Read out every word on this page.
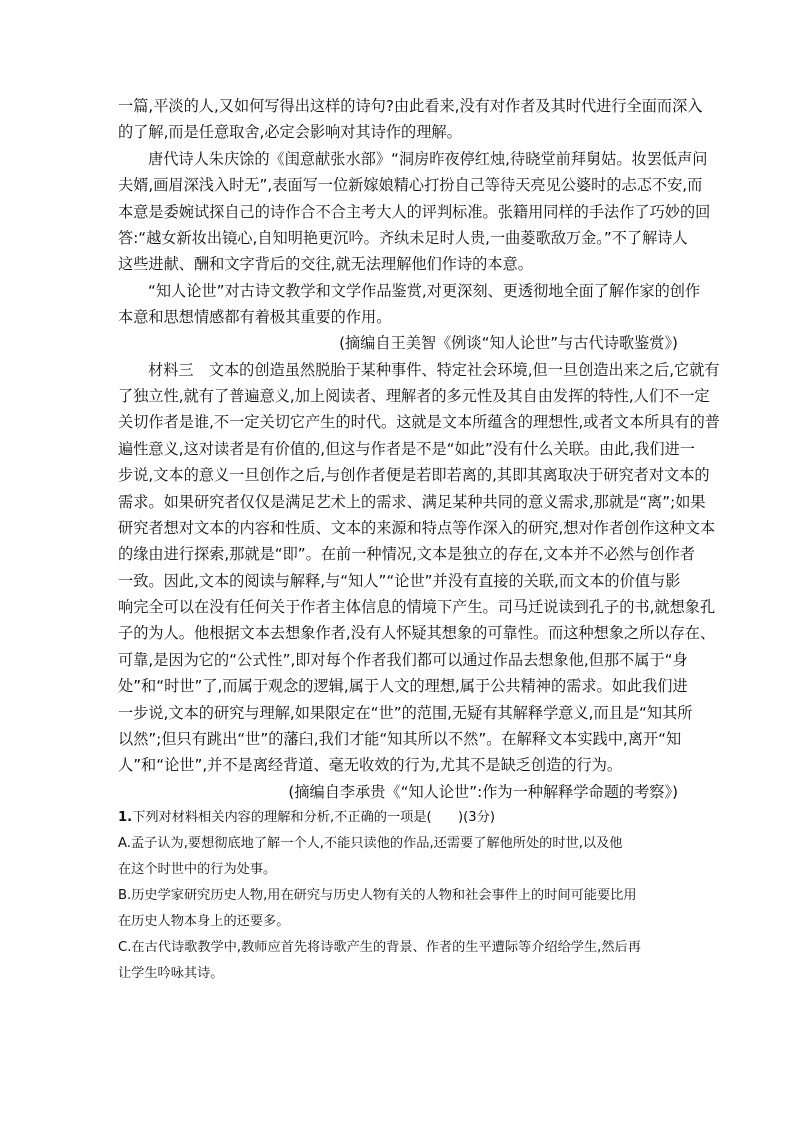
一篇,平淡的人,又如何写得出这样的诗句?由此看来,没有对作者及其时代进行全面而深入
的了解,而是任意取舍,必定会影响对其诗作的理解。
唐代诗人朱庆馀的《闺意献张水部》“洞房昨夜停红烛,待晓堂前拜舅姑。妆罢低声问
夫婿,画眉深浅入时无”,表面写一位新嫁娘精心打扮自己等待天亮见公婆时的忐忑不安,而
本意是委婉试探自己的诗作合不合主考大人的评判标准。张籍用同样的手法作了巧妙的回
答:“越女新妆出镜心,自知明艳更沉吟。齐纨未足时人贵,一曲菱歌敌万金。”不了解诗人
这些进献、酬和文字背后的交往,就无法理解他们作诗的本意。
“知人论世”对古诗文教学和文学作品鉴赏,对更深刻、更透彻地全面了解作家的创作
本意和思想情感都有着极其重要的作用。
(摘编自王美智《例谈“知人论世”与古代诗歌鉴赏》)
材料三　文本的创造虽然脱胎于某种事件、特定社会环境,但一旦创造出来之后,它就有
了独立性,就有了普遍意义,加上阅读者、理解者的多元性及其自由发挥的特性,人们不一定
关切作者是谁,不一定关切它产生的时代。这就是文本所蕴含的理想性,或者文本所具有的普
遍性意义,这对读者是有价值的,但这与作者是不是“如此”没有什么关联。由此,我们进一
步说,文本的意义一旦创作之后,与创作者便是若即若离的,其即其离取决于研究者对文本的
需求。如果研究者仅仅是满足艺术上的需求、满足某种共同的意义需求,那就是“离”;如果
研究者想对文本的内容和性质、文本的来源和特点等作深入的研究,想对作者创作这种文本
的缘由进行探索,那就是“即”。在前一种情况,文本是独立的存在,文本并不必然与创作者
一致。因此,文本的阅读与解释,与“知人”“论世”并没有直接的关联,而文本的价值与影
响完全可以在没有任何关于作者主体信息的情境下产生。司马迁说读到孔子的书,就想象孔
子的为人。他根据文本去想象作者,没有人怀疑其想象的可靠性。而这种想象之所以存在、
可靠,是因为它的“公式性”,即对每个作者我们都可以通过作品去想象他,但那不属于“身
处”和“时世”了,而属于观念的逻辑,属于人文的理想,属于公共精神的需求。如此我们进
一步说,文本的研究与理解,如果限定在“世”的范围,无疑有其解释学意义,而且是“知其所
以然”;但只有跳出“世”的藩臼,我们才能“知其所以不然”。在解释文本实践中,离开“知
人”和“论世”,并不是离经背道、毫无收效的行为,尤其不是缺乏创造的行为。
(摘编自李承贵《“知人论世”:作为一种解释学命题的考察》)
1.下列对材料相关内容的理解和分析,不正确的一项是(　　)(3分)
A.孟子认为,要想彻底地了解一个人,不能只读他的作品,还需要了解他所处的时世,以及他
在这个时世中的行为处事。
B.历史学家研究历史人物,用在研究与历史人物有关的人物和社会事件上的时间可能要比用
在历史人物本身上的还要多。
C.在古代诗歌教学中,教师应首先将诗歌产生的背景、作者的生平遭际等介绍给学生,然后再
让学生吟咏其诗。
